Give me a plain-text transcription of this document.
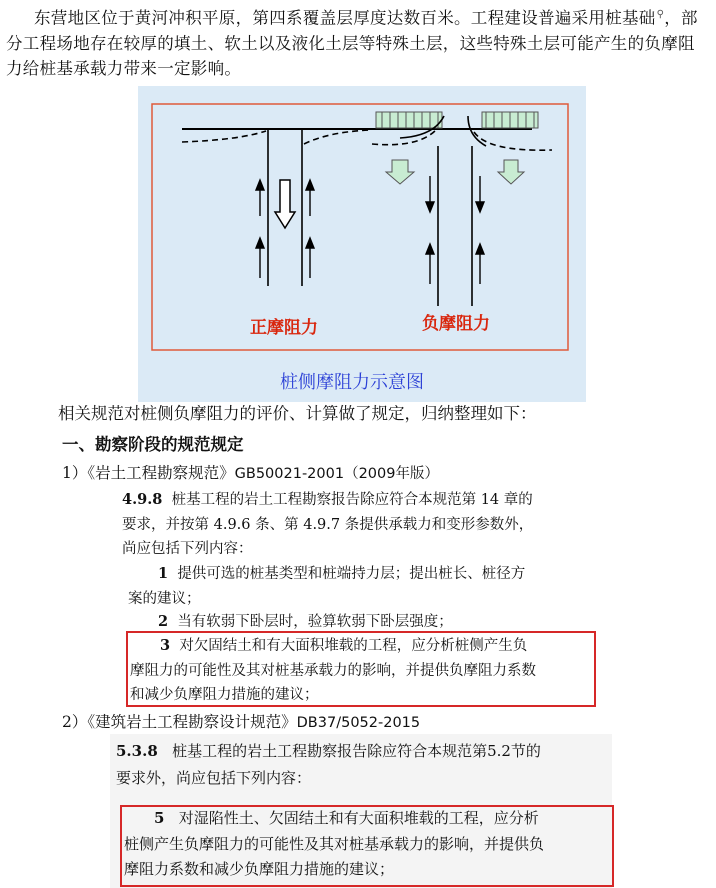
东营地区位于黄河冲积平原，第四系覆盖层厚度达数百米。工程建设普遍采用桩基础⚲，部分工程场地存在较厚的填土、软土以及液化土层等特殊土层，这些特殊土层可能产生的负摩阻力给桩基承载力带来一定影响。
正摩阻力	负摩阻力
桩侧摩阻力示意图
相关规范对桩侧负摩阻力的评价、计算做了规定，归纳整理如下：
一、勘察阶段的规范规定
1）《岩土工程勘察规范》GB50021-2001（2009年版）
4.9.8 桩基工程的岩土工程勘察报告除应符合本规范第 14 章的
要求，并按第 4.9.6 条、第 4.9.7 条提供承载力和变形参数外，
尚应包括下列内容：
1 提供可选的桩基类型和桩端持力层；提出桩长、桩径方
案的建议；
2 当有软弱下卧层时，验算软弱下卧层强度；
3 对欠固结土和有大面积堆载的工程，应分析桩侧产生负
摩阻力的可能性及其对桩基承载力的影响，并提供负摩阻力系数
和减少负摩阻力措施的建议；
2）《建筑岩土工程勘察设计规范》DB37/5052-2015
5.3.8 桩基工程的岩土工程勘察报告除应符合本规范第5.2节的
要求外，尚应包括下列内容：
5 对湿陷性土、欠固结土和有大面积堆载的工程，应分析
桩侧产生负摩阻力的可能性及其对桩基承载力的影响，并提供负
摩阻力系数和减少负摩阻力措施的建议；
